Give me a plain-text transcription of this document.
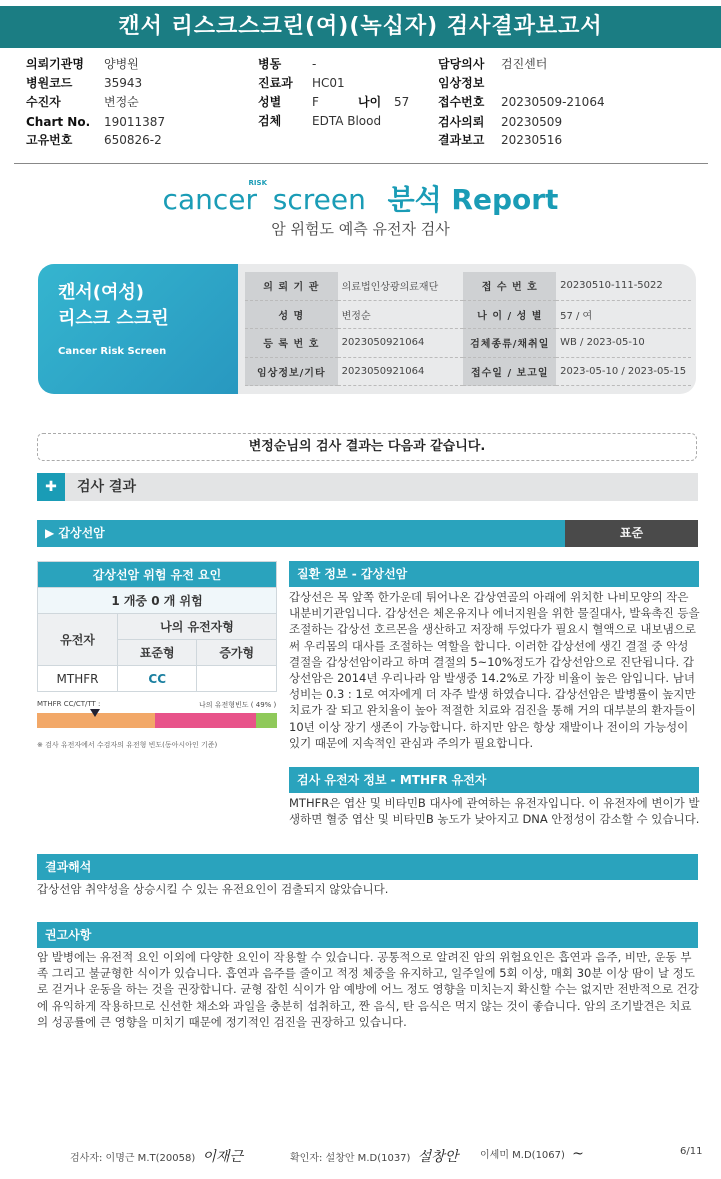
캔서 리스크스크린(여)(녹십자) 검사결과보고서
의뢰기관명 양병원
병원코드	35943
수진자	변정순
Chart No. 19011387
고유번호	650826-2
병동	-
진료과 HC01
성별	F	나이 57
검체	EDTA Blood
담당의사 검진센터
임상정보
접수번호 20230509-21064
검사의뢰 20230509
결과보고 20230516
cancer
RISK screen 분석 Report
암 위험도 예측 유전자 검사
캔서(여성)
리스크 스크린
Cancer Risk Screen
의 뢰 기 관	의료법인상광의료재단	접 수 번 호	20230510-111-5022
성 명	변정순	나 이 / 성 별	57 / 여
등 록 번 호	2023050921064	검체종류/채취일	WB / 2023-05-10
임상정보/기타	2023050921064	접수일 / 보고일	2023-05-10 / 2023-05-15
변정순님의 검사 결과는 다음과 같습니다.
✚	검사 결과
▶ 갑상선암	표준
갑상선암 위험 유전 요인		
1 개중 0 개 위험		
유전자	나의 유전자형	
	표준형	증가형
MTHFR	CC	
MTHFR CC/CT/TT :	나의 유전형빈도 ( 49% )
※ 검사 유전자에서 수검자의 유전형 빈도(동아시아인 기준)
질환 정보 - 갑상선암
갑상선은 목 앞쪽 한가운데 튀어나온 갑상연골의 아래에 위치한 나비모양의 작은 내분비기관입니다. 갑상선은 체온유지나 에너지원을 위한 물질대사, 발육촉진 등을 조절하는 갑상선 호르몬을 생산하고 저장해 두었다가 필요시 혈액으로 내보냄으로써 우리몸의 대사를 조절하는 역할을 합니다. 이러한 갑상선에 생긴 결절 중 악성 결절을 갑상선암이라고 하며 결절의 5~10%정도가 갑상선암으로 진단됩니다. 갑상선암은 2014년 우리나라 암 발생중 14.2%로 가장 비율이 높은 암입니다. 남녀 성비는 0.3 : 1로 여자에게 더 자주 발생 하였습니다. 갑상선암은 발병률이 높지만 치료가 잘 되고 완치율이 높아 적절한 치료와 검진을 통해 거의 대부분의 환자들이 10년 이상 장기 생존이 가능합니다. 하지만 암은 항상 재발이나 전이의 가능성이 있기 때문에 지속적인 관심과 주의가 필요합니다.
검사 유전자 정보 - MTHFR 유전자
MTHFR은 엽산 및 비타민B 대사에 관여하는 유전자입니다. 이 유전자에 변이가 발생하면 혈중 엽산 및 비타민B 농도가 낮아지고 DNA 안정성이 감소할 수 있습니다.
결과해석
갑상선암 취약성을 상승시킬 수 있는 유전요인이 검출되지 않았습니다.
권고사항
암 발병에는 유전적 요인 이외에 다양한 요인이 작용할 수 있습니다. 공통적으로 알려진 암의 위험요인은 흡연과 음주, 비만, 운동 부족 그리고 불균형한 식이가 있습니다. 흡연과 음주를 줄이고 적정 체중을 유지하고, 일주일에 5회 이상, 매회 30분 이상 땀이 날 정도로 걷거나 운동을 하는 것을 권장합니다. 균형 잡힌 식이가 암 예방에 어느 정도 영향을 미치는지 확신할 수는 없지만 전반적으로 건강에 유익하게 작용하므로 신선한 채소와 과일을 충분히 섭취하고, 짠 음식, 탄 음식은 먹지 않는 것이 좋습니다. 암의 조기발견은 치료의 성공률에 큰 영향을 미치기 때문에 정기적인 검진을 권장하고 있습니다.
검사자: 이명근 M.T(20058) 이재근	확인자: 설창안 M.D(1037) 설창안 이세미 M.D(1067) ~	6/11
